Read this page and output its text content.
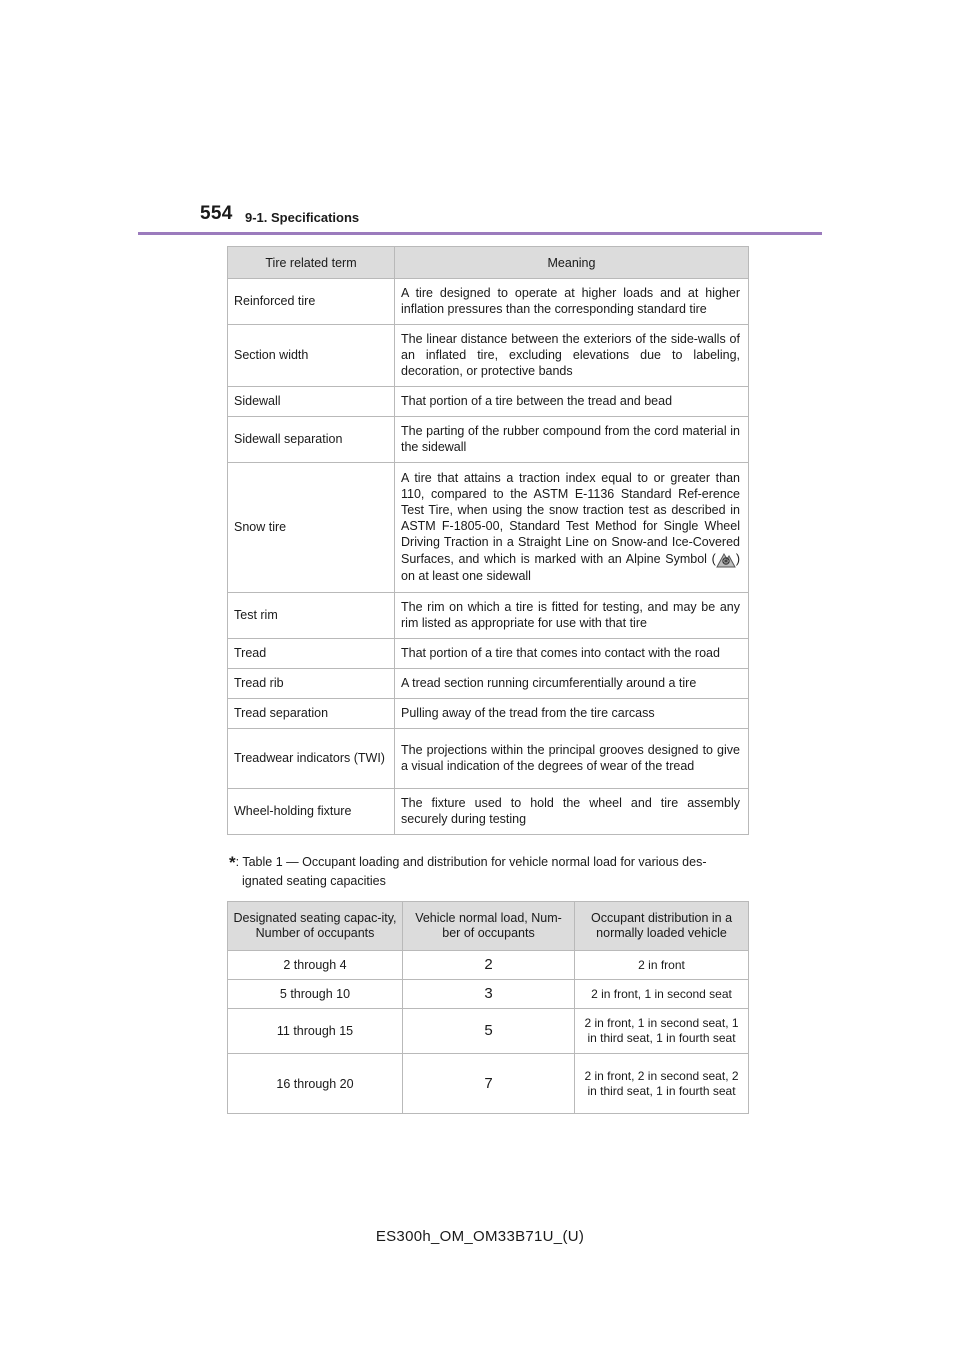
554 9-1. Specifications
Tire related term	Meaning
Reinforced tire	A tire designed to operate at higher loads and at higher inflation pressures than the corresponding standard tire
Section width	The linear distance between the exteriors of the side-walls of an inflated tire, excluding elevations due to labeling, decoration, or protective bands
Sidewall	That portion of a tire between the tread and bead
Sidewall separation	The parting of the rubber compound from the cord material in the sidewall
Snow tire	A tire that attains a traction index equal to or greater than 110, compared to the ASTM E-1136 Standard Ref-erence Test Tire, when using the snow traction test as described in ASTM F-1805-00, Standard Test Method for Single Wheel Driving Traction in a Straight Line on Snow-and Ice-Covered Surfaces, and which is marked with an Alpine Symbol ( ) on at least one sidewall
Test rim	The rim on which a tire is fitted for testing, and may be any rim listed as appropriate for use with that tire
Tread	That portion of a tire that comes into contact with the road
Tread rib	A tread section running circumferentially around a tire
Tread separation	Pulling away of the tread from the tire carcass
Treadwear indicators (TWI)	The projections within the principal grooves designed to give a visual indication of the degrees of wear of the tread
Wheel-holding fixture	The fixture used to hold the wheel and tire assembly securely during testing
*: Table 1 — Occupant loading and distribution for vehicle normal load for various des-
ignated seating capacities
Designated seating capac-ity, Number of occupants	Vehicle normal load, Num-ber of occupants	Occupant distribution in a normally loaded vehicle
2 through 4	2	2 in front
5 through 10	3	2 in front, 1 in second seat
11 through 15	5	2 in front, 1 in second seat, 1 in third seat, 1 in fourth seat
16 through 20	7	2 in front, 2 in second seat, 2 in third seat, 1 in fourth seat
ES300h_OM_OM33B71U_(U)
